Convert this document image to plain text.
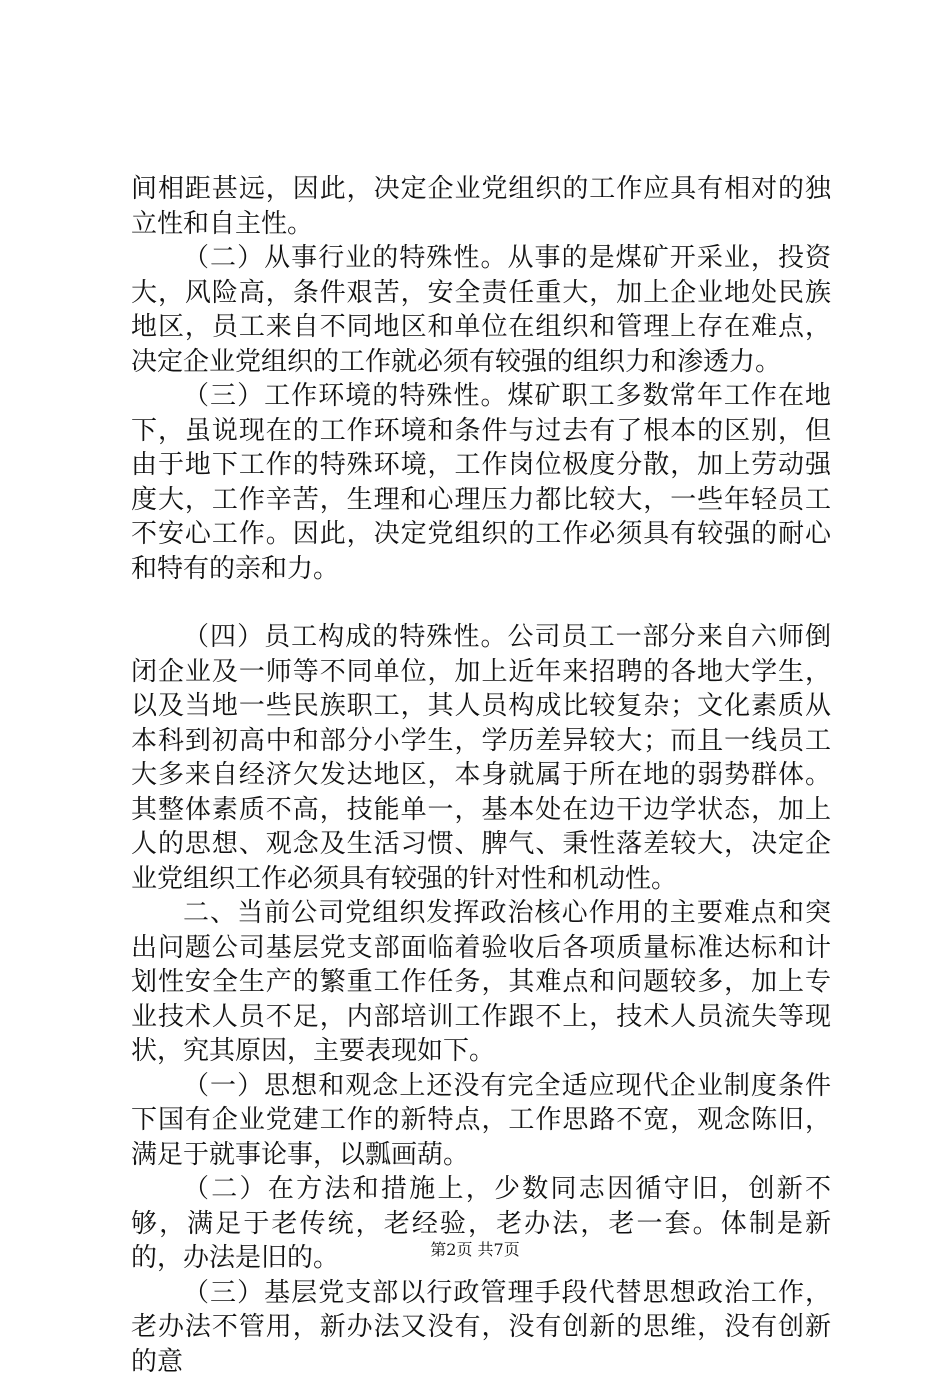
间相距甚远，因此，决定企业党组织的工作应具有相对的独立性和自主性。

（二）从事行业的特殊性。从事的是煤矿开采业，投资大，风险高，条件艰苦，安全责任重大，加上企业地处民族地区，员工来自不同地区和单位在组织和管理上存在难点，决定企业党组织的工作就必须有较强的组织力和渗透力。

（三）工作环境的特殊性。煤矿职工多数常年工作在地下，虽说现在的工作环境和条件与过去有了根本的区别，但由于地下工作的特殊环境，工作岗位极度分散，加上劳动强度大，工作辛苦，生理和心理压力都比较大，一些年轻员工不安心工作。因此，决定党组织的工作必须具有较强的耐心和特有的亲和力。

（四）员工构成的特殊性。公司员工一部分来自六师倒闭企业及一师等不同单位，加上近年来招聘的各地大学生，以及当地一些民族职工，其人员构成比较复杂；文化素质从本科到初高中和部分小学生，学历差异较大；而且一线员工大多来自经济欠发达地区，本身就属于所在地的弱势群体。其整体素质不高，技能单一，基本处在边干边学状态，加上人的思想、观念及生活习惯、脾气、秉性落差较大，决定企业党组织工作必须具有较强的针对性和机动性。

二、当前公司党组织发挥政治核心作用的主要难点和突出问题公司基层党支部面临着验收后各项质量标准达标和计划性安全生产的繁重工作任务，其难点和问题较多，加上专业技术人员不足，内部培训工作跟不上，技术人员流失等现状，究其原因，主要表现如下。

（一）思想和观念上还没有完全适应现代企业制度条件下国有企业党建工作的新特点，工作思路不宽，观念陈旧，满足于就事论事，以瓢画葫。

（二）在方法和措施上，少数同志因循守旧，创新不够，满足于老传统，老经验，老办法，老一套。体制是新的，办法是旧的。

（三）基层党支部以行政管理手段代替思想政治工作，老办法不管用，新办法又没有，没有创新的思维，没有创新的意

第2页 共7页
